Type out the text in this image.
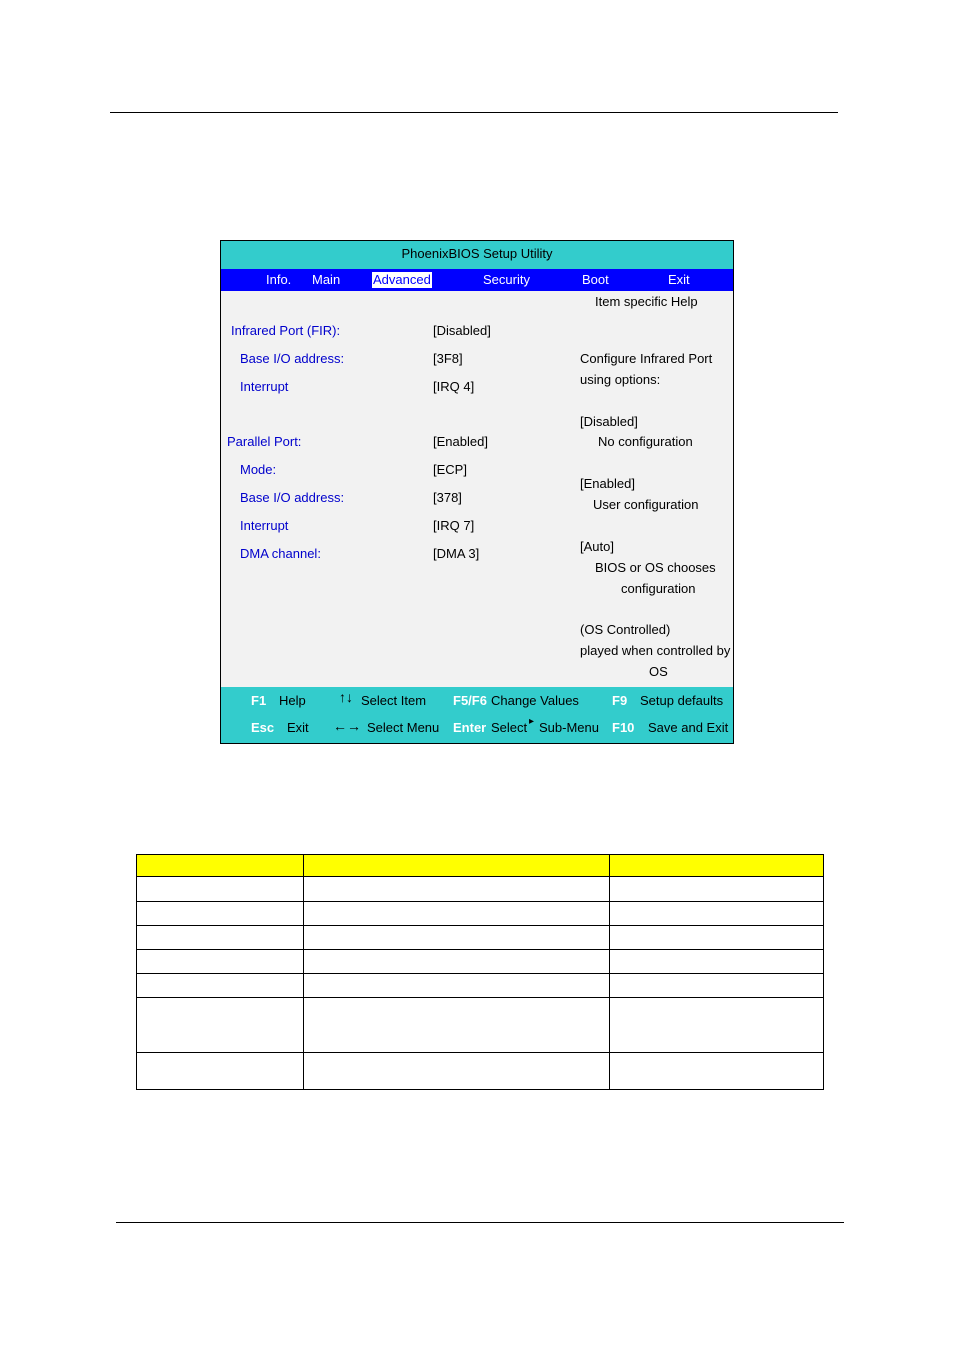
PhoenixBIOS Setup Utility
Info. Main	Advanced	Security	Boot	Exit
Item specific Help
Infrared Port (FIR):	[Disabled]
Base I/O address:	[3F8]
Interrupt	[IRQ 4]
Parallel Port:	[Enabled]
Mode:	[ECP]
Base I/O address:	[378]
Interrupt	[IRQ 7]
DMA channel:	[DMA 3]
Configure Infrared Port
using options:
[Disabled]
No configuration
[Enabled]
User configuration
[Auto]
BIOS or OS chooses
configuration
(OS Controlled)
played when controlled by
OS
F1 Help ↑↓ Select Item F5/F6 Change Values	F9 Setup defaults
Esc Exit ←→ Select Menu Enter Select ▸ Sub-Menu F10 Save and Exit
